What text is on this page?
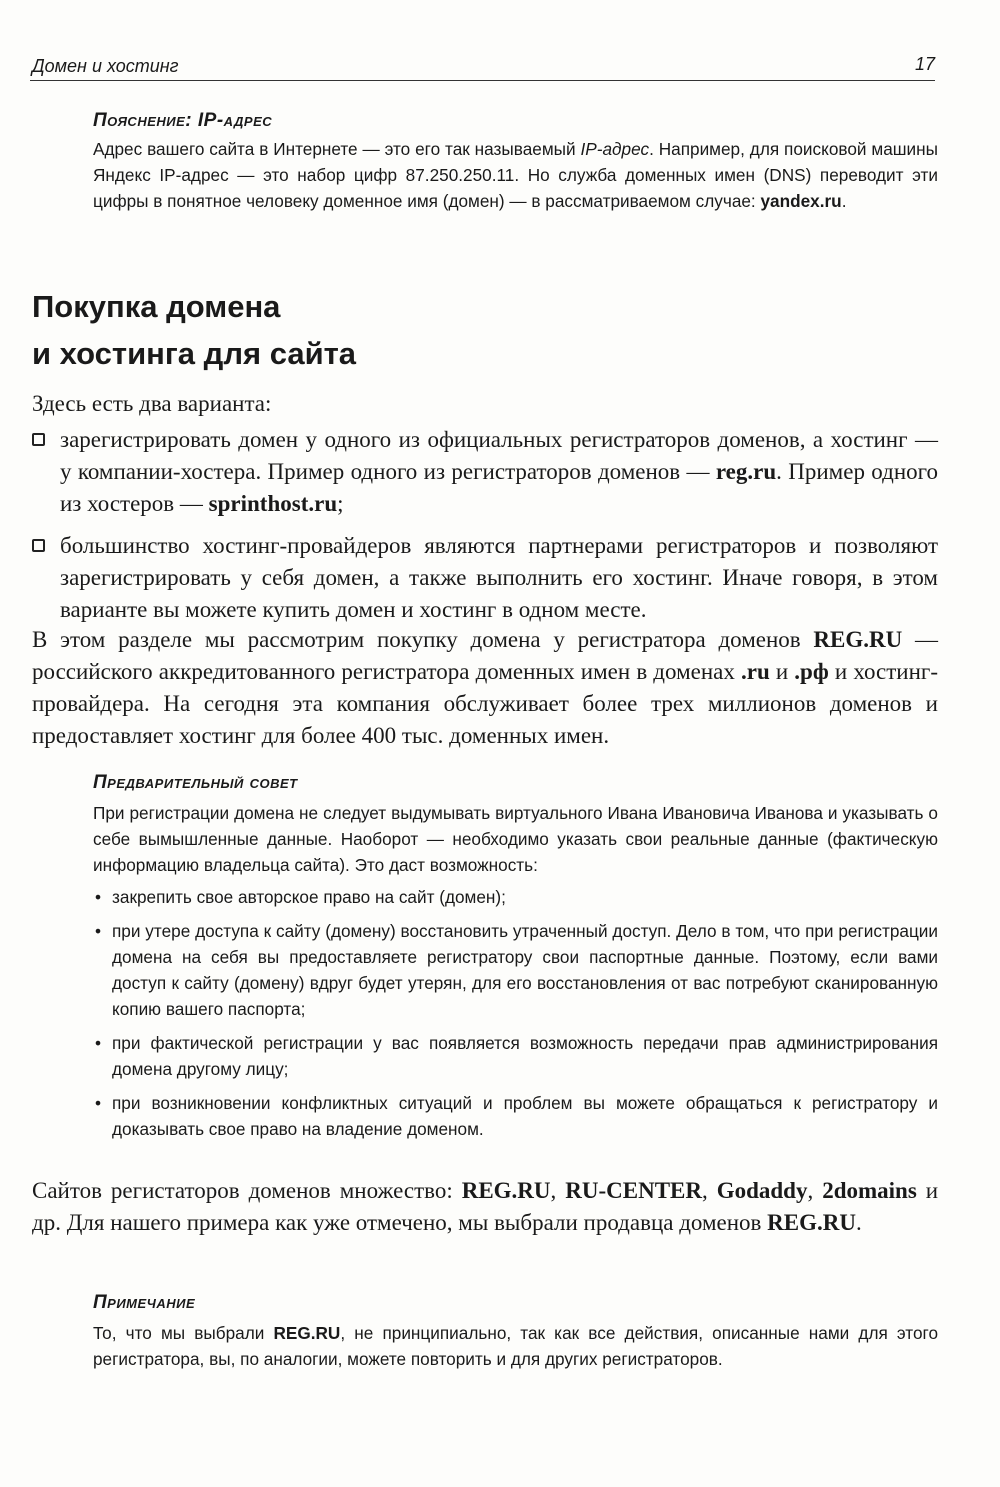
Домен и хостинг	17
Пояснение: IP-адрес

Адрес вашего сайта в Интернете — это его так называемый IP-адрес. Например, для поисковой машины Яндекс IP-адрес — это набор цифр 87.250.250.11. Но служба доменных имен (DNS) переводит эти цифры в понятное человеку доменное имя (домен) — в рассматриваемом случае: yandex.ru.

Покупка домена
и хостинга для сайта

Здесь есть два варианта:

зарегистрировать домен у одного из официальных регистраторов доменов, а хостинг — у компании-хостера. Пример одного из регистраторов доменов — reg.ru. Пример одного из хостеров — sprinthost.ru;
большинство хостинг-провайдеров являются партнерами регистраторов и позволяют зарегистрировать у себя домен, а также выполнить его хостинг. Иначе говоря, в этом варианте вы можете купить домен и хостинг в одном месте.

В этом разделе мы рассмотрим покупку домена у регистратора доменов REG.RU — российского аккредитованного регистратора доменных имен в доменах .ru и .рф и хостинг-провайдера. На сегодня эта компания обслуживает более трех миллионов доменов и предоставляет хостинг для более 400 тыс. доменных имен.

Предварительный совет

При регистрации домена не следует выдумывать виртуального Ивана Ивановича Иванова и указывать о себе вымышленные данные. Наоборот — необходимо указать свои реальные данные (фактическую информацию владельца сайта). Это даст возможность:

• закрепить свое авторское право на сайт (домен);
• при утере доступа к сайту (домену) восстановить утраченный доступ. Дело в том, что при регистрации домена на себя вы предоставляете регистратору свои паспортные данные. Поэтому, если вами доступ к сайту (домену) вдруг будет утерян, для его восстановления от вас потребуют сканированную копию вашего паспорта;
• при фактической регистрации у вас появляется возможность передачи прав администрирования домена другому лицу;
• при возникновении конфликтных ситуаций и проблем вы можете обращаться к регистратору и доказывать свое право на владение доменом.

Сайтов регистаторов доменов множество: REG.RU, RU-CENTER, Godaddy, 2domains и др. Для нашего примера как уже отмечено, мы выбрали продавца доменов REG.RU.

Примечание

То, что мы выбрали REG.RU, не принципиально, так как все действия, описанные нами для этого регистратора, вы, по аналогии, можете повторить и для других регистраторов.
